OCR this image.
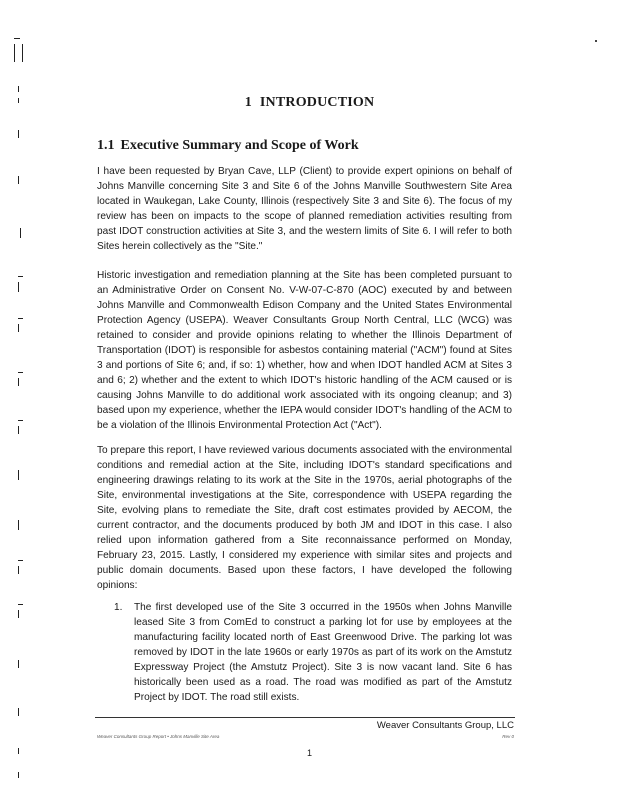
1 INTRODUCTION
1.1 Executive Summary and Scope of Work

I have been requested by Bryan Cave, LLP (Client) to provide expert opinions on behalf of Johns Manville concerning Site 3 and Site 6 of the Johns Manville Southwestern Site Area located in Waukegan, Lake County, Illinois (respectively Site 3 and Site 6). The focus of my review has been on impacts to the scope of planned remediation activities resulting from past IDOT construction activities at Site 3, and the western limits of Site 6. I will refer to both Sites herein collectively as the "Site."

Historic investigation and remediation planning at the Site has been completed pursuant to an Administrative Order on Consent No. V-W-07-C-870 (AOC) executed by and between Johns Manville and Commonwealth Edison Company and the United States Environmental Protection Agency (USEPA). Weaver Consultants Group North Central, LLC (WCG) was retained to consider and provide opinions relating to whether the Illinois Department of Transportation (IDOT) is responsible for asbestos containing material ("ACM") found at Sites 3 and portions of Site 6; and, if so: 1) whether, how and when IDOT handled ACM at Sites 3 and 6; 2) whether and the extent to which IDOT's historic handling of the ACM caused or is causing Johns Manville to do additional work associated with its ongoing cleanup; and 3) based upon my experience, whether the IEPA would consider IDOT's handling of the ACM to be a violation of the Illinois Environmental Protection Act ("Act").

To prepare this report, I have reviewed various documents associated with the environmental conditions and remedial action at the Site, including IDOT's standard specifications and engineering drawings relating to its work at the Site in the 1970s, aerial photographs of the Site, environmental investigations at the Site, correspondence with USEPA regarding the Site, evolving plans to remediate the Site, draft cost estimates provided by AECOM, the current contractor, and the documents produced by both JM and IDOT in this case. I also relied upon information gathered from a Site reconnaissance performed on Monday, February 23, 2015. Lastly, I considered my experience with similar sites and projects and public domain documents. Based upon these factors, I have developed the following opinions:

1. The first developed use of the Site 3 occurred in the 1950s when Johns Manville leased Site 3 from ComEd to construct a parking lot for use by employees at the manufacturing facility located north of East Greenwood Drive. The parking lot was removed by IDOT in the late 1960s or early 1970s as part of its work on the Amstutz Expressway Project (the Amstutz Project). Site 3 is now vacant land. Site 6 has historically been used as a road. The road was modified as part of the Amstutz Project by IDOT. The road still exists.
Weaver Consultants Group, LLC
Weaver Consultants Group Report • Johns Manville Site Area	Rev 0
1
